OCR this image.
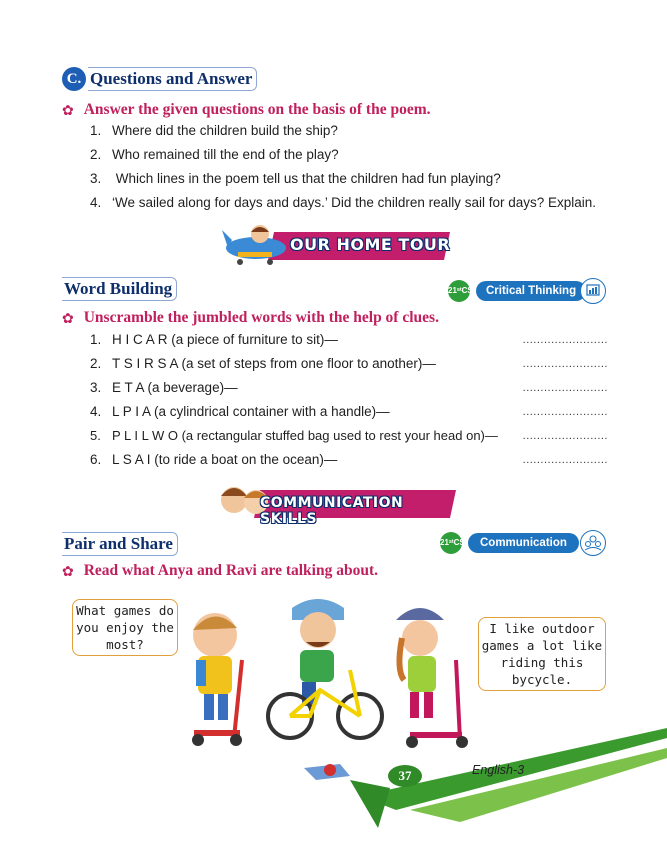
C. Questions and Answer
✿ Answer the given questions on the basis of the poem.
1. Where did the children build the ship?
2. Who remained till the end of the play?
3. Which lines in the poem tell us that the children had fun playing?
4. ‘We sailed along for days and days.’ Did the children really sail for days? Explain.
OUR HOME TOUR
Word Building	21ˢᵗCS	Critical Thinking
✿ Unscramble the jumbled words with the help of clues.
1. H I C A R (a piece of furniture to sit)—	........................
2. T S I R S A (a set of steps from one floor to another)—	........................
3. E T A (a beverage)—	........................
4. L P I A (a cylindrical container with a handle)—	........................
5. P L I L W O (a rectangular stuffed bag used to rest your head on)— ........................
6. L S A I (to ride a boat on the ocean)—	........................
COMMUNICATION SKILLS
Pair and Share	21ˢᵗCS	Communication
✿ Read what Anya and Ravi are talking about.
What games do you enjoy the most?
I like outdoor games a lot like riding this bycycle.
37	English-3
